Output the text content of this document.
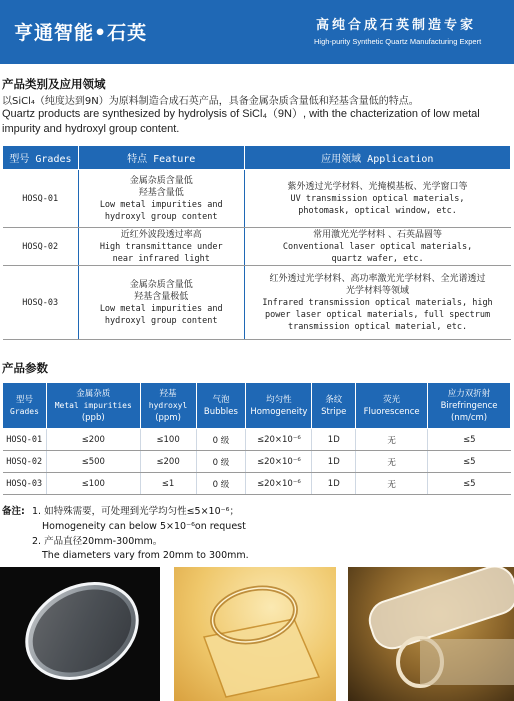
亨通智能•石英	高纯合成石英制造专家
High-purity Synthetic Quartz Manufacturing Expert
产品类别及应用领域
以SiCl₄（纯度达到9N）为原料制造合成石英产品，具备金属杂质含量低和羟基含量低的特点。
Quartz products are synthesized by hydrolysis of SiCl₄（9N）, with the chacterization of low metal impurity and hydroxyl group content.
型号 Grades	特点 Feature	应用领域 Application
HOSQ-01	金属杂质含量低
羟基含量低
Low metal impurities and
hydroxyl group content	紫外透过光学材料、光掩模基板、光学窗口等
UV transmission optical materials,
photomask, optical window, etc.

HOSQ-02	近红外波段透过率高
High transmittance under
near infrared light	常用激光光学材料 、石英晶圆等
Conventional laser optical materials,
quartz wafer, etc.

HOSQ-03	金属杂质含量低
羟基含量极低
Low metal impurities and
hydroxyl group content	红外透过光学材料、高功率激光光学材料、全光谱透过
光学材料等领域
Infrared transmission optical materials, high
power laser optical materials, full spectrum
transmission optical material, etc.
产品参数
型号
Grades	金属杂质
Metal impurities
(ppb)	羟基
hydroxyl
(ppm)	气泡
Bubbles	均匀性
Homogeneity	条纹
Stripe	荧光
Fluorescence	应力双折射
Birefringence
(nm/cm)

HOSQ-01	≤200	≤100	0 级	≤20×10⁻⁶	1D	无	≤5
HOSQ-02	≤500	≤200	0 级	≤20×10⁻⁶	1D	无	≤5
HOSQ-03	≤100	≤1	0 级	≤20×10⁻⁶	1D	无	≤5
备注: 1. 如特殊需要，可处理到光学均匀性≤5×10⁻⁶；
Homogeneity can below 5×10⁻⁶on request
2. 产品直径20mm-300mm。
The diameters vary from 20mm to 300mm.
